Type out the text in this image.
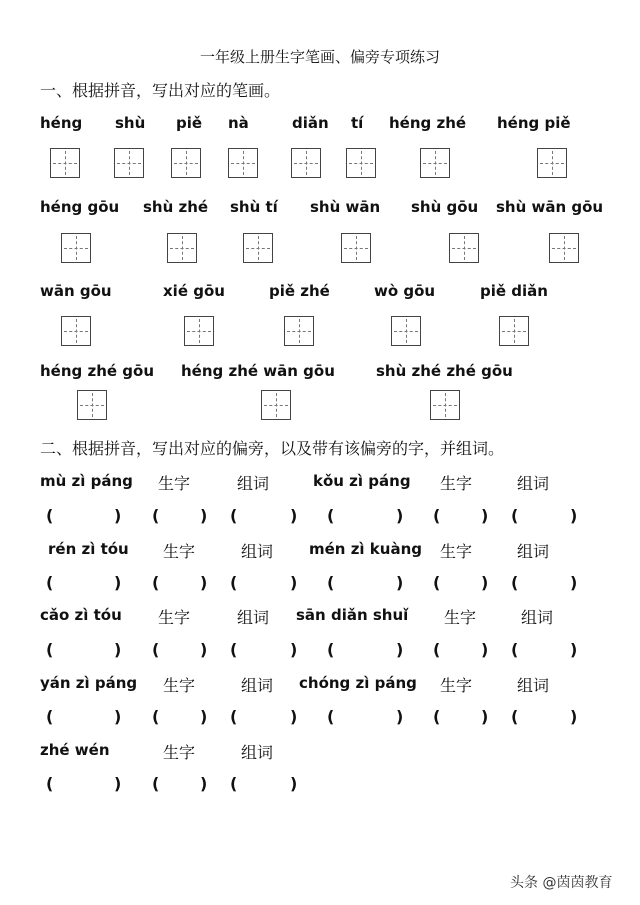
一年级上册生字笔画、偏旁专项练习
一、根据拼音，写出对应的笔画。
héng shù piě nà	diǎn tí héng zhé héng piě
héng gōu shù zhé shù tí shù wān shù gōu shù wān gōu
wān gōu	xié gōu	piě zhé	wò gōu	piě diǎn
héng zhé gōu héng zhé wān gōu	shù zhé zhé gōu
二、根据拼音，写出对应的偏旁，以及带有该偏旁的字，并组词。
mù zì páng 生字	组词	kǒu zì páng 生字	组词
(	) (	) (	) (	) (	) (	)
rén zì tóu 生字	组词 mén zì kuàng 生字	组词
(	) (	) (	) (	) (	) (	)
cǎo zì tóu 生字	组词 sān diǎn shuǐ 生字	组词
(	) (	) (	) (	) (	) (	)
yán zì páng 生字	组词 chóng zì páng 生字	组词
(	) (	) (	) (	) (	) (	)
zhé wén	生字	组词
(	) (	) (	)
头条 @茵茵教育
